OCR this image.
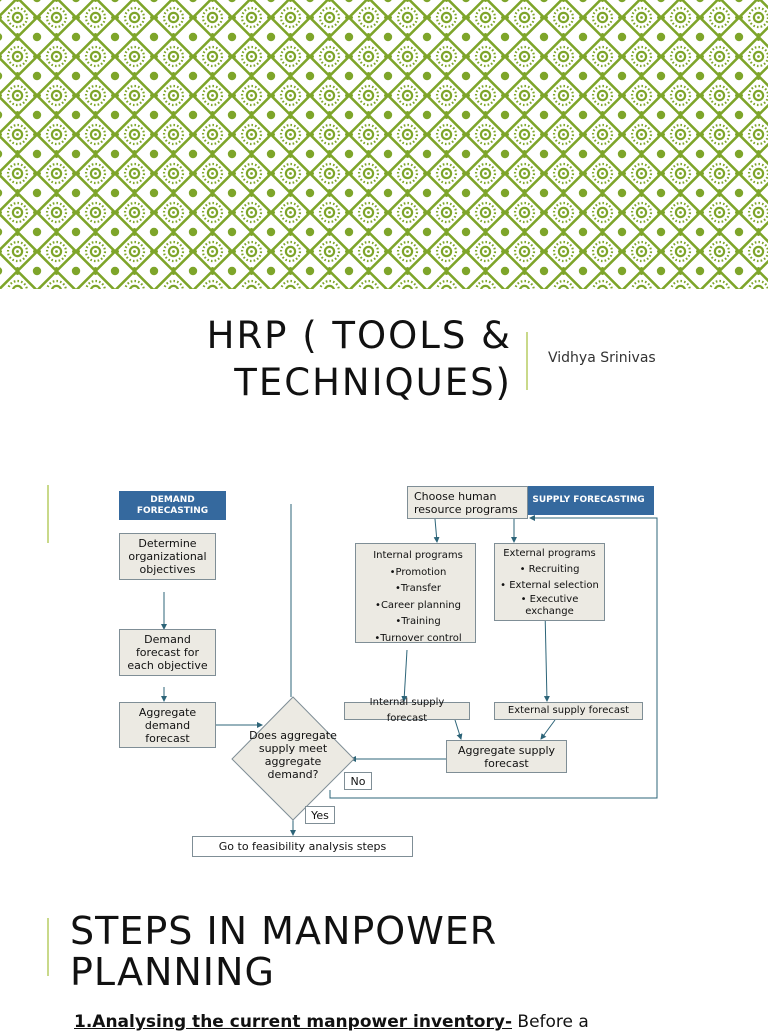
HRP ( TOOLS & TECHNIQUES)
Vidhya Srinivas
DEMAND FORECASTING
SUPPLY FORECASTING
Determine organizational objectives
Demand forecast for each objective
Aggregate demand forecast
Choose human resource programs
Internal programs
•Promotion
•Transfer
•Career planning
•Training
•Turnover control
External programs
• Recruiting
• External selection
• Executive exchange
Internal supply forecast
External supply forecast
Aggregate supply forecast
Does aggregate supply meet aggregate demand?	No
Yes
Go to feasibility analysis steps
STEPS IN MANPOWER PLANNING
1.Analysing the current manpower inventory- Before a
